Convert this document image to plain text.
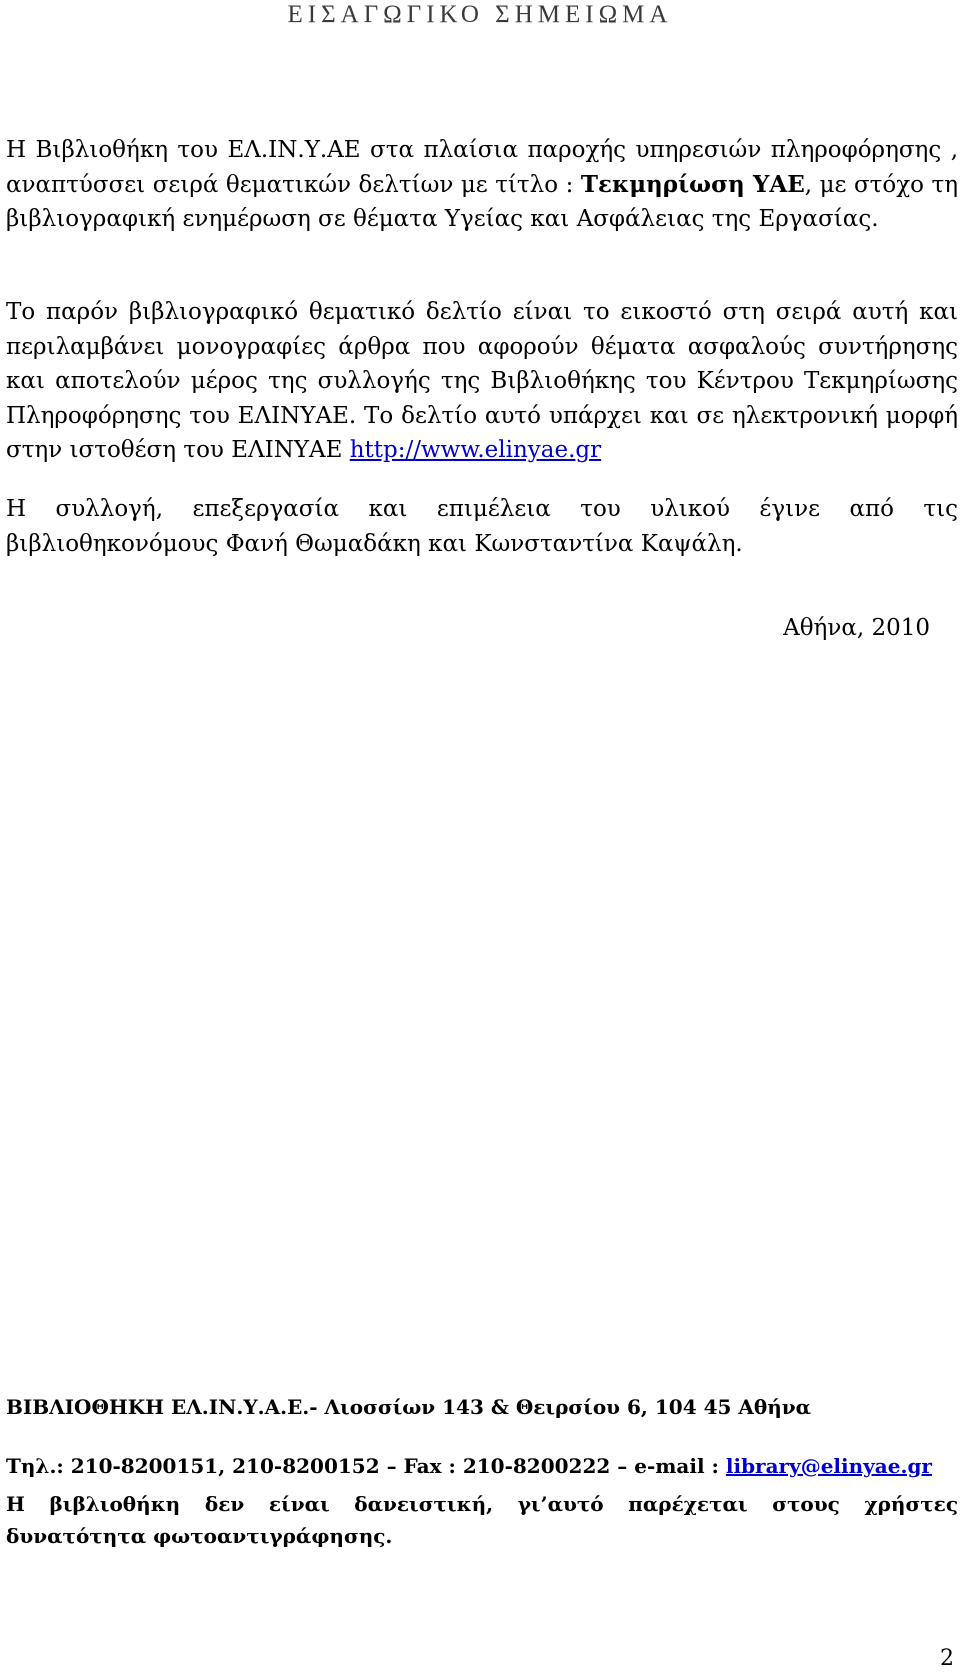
ΕΙΣΑΓΩΓΙΚΟ ΣΗΜΕΙΩΜΑ

Η Βιβλιοθήκη του ΕΛ.ΙΝ.Υ.ΑΕ στα πλαίσια παροχής υπηρεσιών πληροφόρησης , αναπτύσσει σειρά θεματικών δελτίων με τίτλο : Τεκμηρίωση ΥΑΕ, με στόχο τη βιβλιογραφική ενημέρωση σε θέματα Υγείας και Ασφάλειας της Εργασίας.

Το παρόν βιβλιογραφικό θεματικό δελτίο είναι το εικοστό στη σειρά αυτή και περιλαμβάνει μονογραφίες άρθρα που αφορούν θέματα ασφαλούς συντήρησης και αποτελούν μέρος της συλλογής της Βιβλιοθήκης του Κέντρου Τεκμηρίωσης Πληροφόρησης του ΕΛΙΝΥΑΕ. Το δελτίο αυτό υπάρχει και σε ηλεκτρονική μορφή στην ιστοθέση του ΕΛΙΝΥΑΕ http://www.elinyae.gr

Η συλλογή, επεξεργασία και επιμέλεια του υλικού έγινε από τις βιβλιοθηκονόμους Φανή Θωμαδάκη και Κωνσταντίνα Καψάλη.

Αθήνα, 2010
ΒΙΒΛΙΟΘΗΚΗ ΕΛ.ΙΝ.Υ.Α.Ε.- Λιοσσίων 143 & Θειρσίου 6, 104 45 Αθήνα
Τηλ.: 210-8200151, 210-8200152 – Fax : 210-8200222 – e-mail : library@elinyae.gr
Η βιβλιοθήκη δεν είναι δανειστική, γι’αυτό παρέχεται στους χρήστες δυνατότητα φωτοαντιγράφησης.
2
